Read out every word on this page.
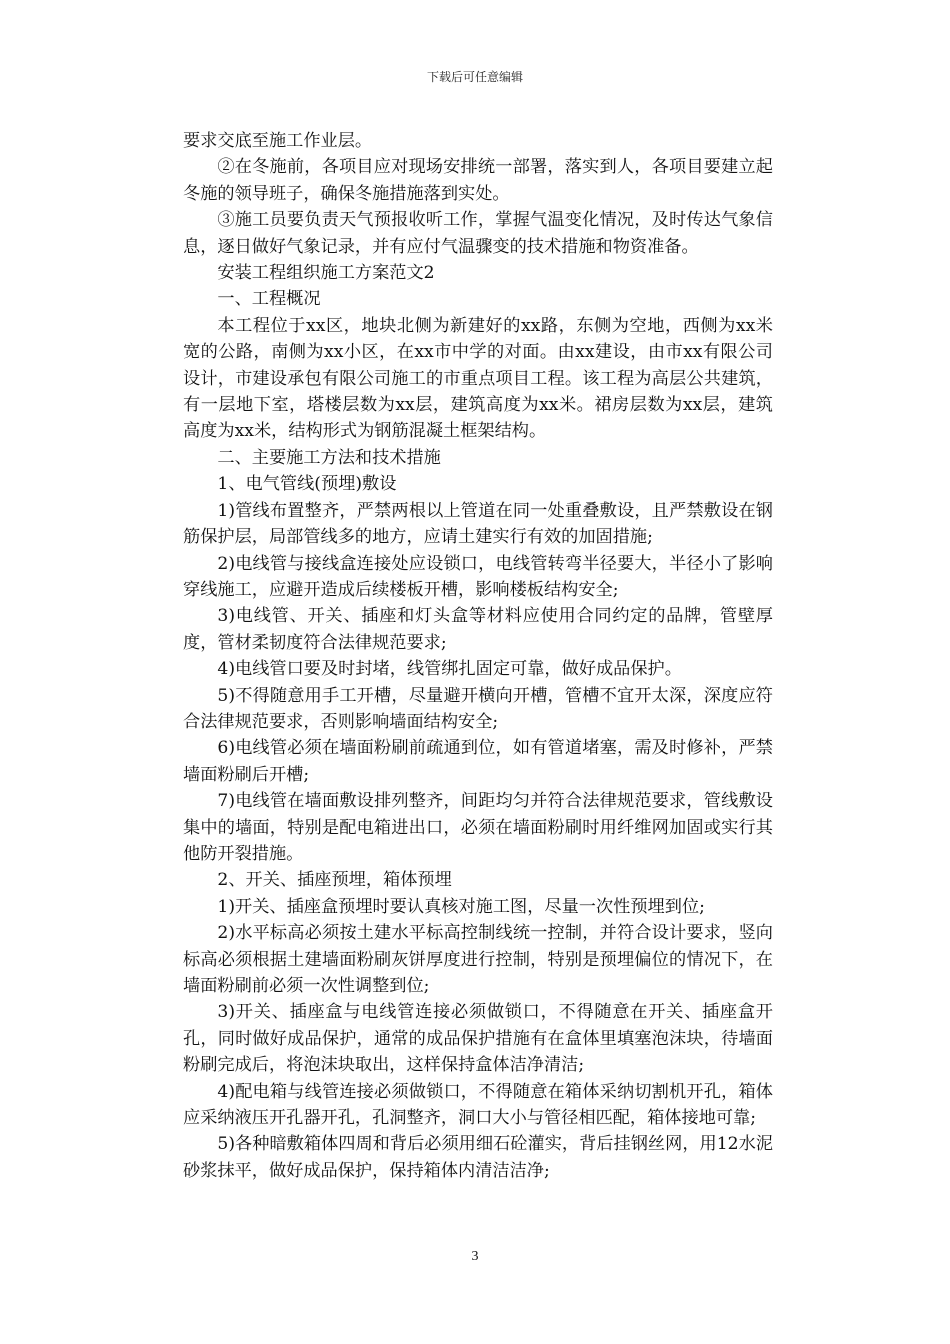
下载后可任意编辑

要求交底至施工作业层。

②在冬施前，各项目应对现场安排统一部署，落实到人，各项目要建立起冬施的领导班子，确保冬施措施落到实处。

③施工员要负责天气预报收听工作，掌握气温变化情况，及时传达气象信息，逐日做好气象记录，并有应付气温骤变的技术措施和物资准备。

安装工程组织施工方案范文2

一、工程概况

本工程位于xx区，地块北侧为新建好的xx路，东侧为空地，西侧为xx米宽的公路，南侧为xx小区，在xx市中学的对面。由xx建设，由市xx有限公司设计，市建设承包有限公司施工的市重点项目工程。该工程为高层公共建筑，有一层地下室，塔楼层数为xx层，建筑高度为xx米。裙房层数为xx层，建筑高度为xx米，结构形式为钢筋混凝土框架结构。

二、主要施工方法和技术措施

1、电气管线(预埋)敷设

1)管线布置整齐，严禁两根以上管道在同一处重叠敷设，且严禁敷设在钢筋保护层，局部管线多的地方，应请土建实行有效的加固措施;

2)电线管与接线盒连接处应设锁口，电线管转弯半径要大，半径小了影响穿线施工，应避开造成后续楼板开槽，影响楼板结构安全;

3)电线管、开关、插座和灯头盒等材料应使用合同约定的品牌，管壁厚度，管材柔韧度符合法律规范要求;

4)电线管口要及时封堵，线管绑扎固定可靠，做好成品保护。

5)不得随意用手工开槽，尽量避开横向开槽，管槽不宜开太深，深度应符合法律规范要求，否则影响墙面结构安全;

6)电线管必须在墙面粉刷前疏通到位，如有管道堵塞，需及时修补，严禁墙面粉刷后开槽;

7)电线管在墙面敷设排列整齐，间距均匀并符合法律规范要求，管线敷设集中的墙面，特别是配电箱进出口，必须在墙面粉刷时用纤维网加固或实行其他防开裂措施。

2、开关、插座预埋，箱体预埋

1)开关、插座盒预埋时要认真核对施工图，尽量一次性预埋到位;

2)水平标高必须按土建水平标高控制线统一控制，并符合设计要求，竖向标高必须根据土建墙面粉刷灰饼厚度进行控制，特别是预埋偏位的情况下，在墙面粉刷前必须一次性调整到位;

3)开关、插座盒与电线管连接必须做锁口，不得随意在开关、插座盒开孔，同时做好成品保护，通常的成品保护措施有在盒体里填塞泡沫块，待墙面粉刷完成后，将泡沫块取出，这样保持盒体洁净清洁;

4)配电箱与线管连接必须做锁口，不得随意在箱体采纳切割机开孔，箱体应采纳液压开孔器开孔，孔洞整齐，洞口大小与管径相匹配，箱体接地可靠;

5)各种暗敷箱体四周和背后必须用细石砼灌实，背后挂钢丝网，用12水泥砂浆抹平，做好成品保护，保持箱体内清洁洁净;

3
